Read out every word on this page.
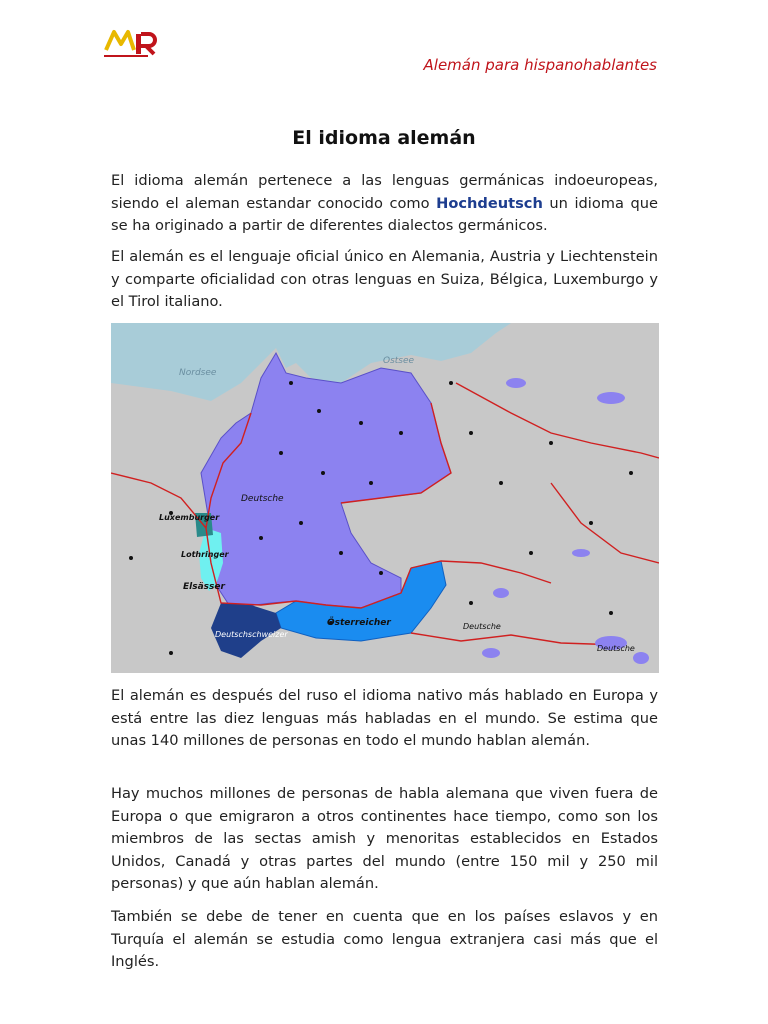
Alemán para hispanohablantes
El idioma alemán

El idioma alemán pertenece a las lenguas germánicas indoeuropeas, siendo el aleman estandar conocido como Hochdeutsch un idioma que se ha originado a partir de diferentes dialectos germánicos.

El alemán es el lenguaje oficial único en Alemania, Austria y Liechtenstein y comparte oficialidad con otras lenguas en Suiza, Bélgica, Luxemburgo y el Tirol italiano.

Nordsee
Ostsee
Deutsche
Luxemburger
Lothringer
Elsässer
Deutschschweizer
Österreicher	Deutsche
Deutsche

El alemán es después del ruso el idioma nativo más hablado en Europa y está entre las diez lenguas más habladas en el mundo. Se estima que unas 140 millones de personas en todo el mundo hablan alemán.

Hay muchos millones de personas de habla alemana que viven fuera de Europa o que emigraron a otros continentes hace tiempo, como son los miembros de las sectas amish y menoritas establecidos en Estados Unidos, Canadá y otras partes del mundo (entre 150 mil y 250 mil personas) y que aún hablan alemán.

También se debe de tener en cuenta que en los países eslavos y en Turquía el alemán se estudia como lengua extranjera casi más que el Inglés.
